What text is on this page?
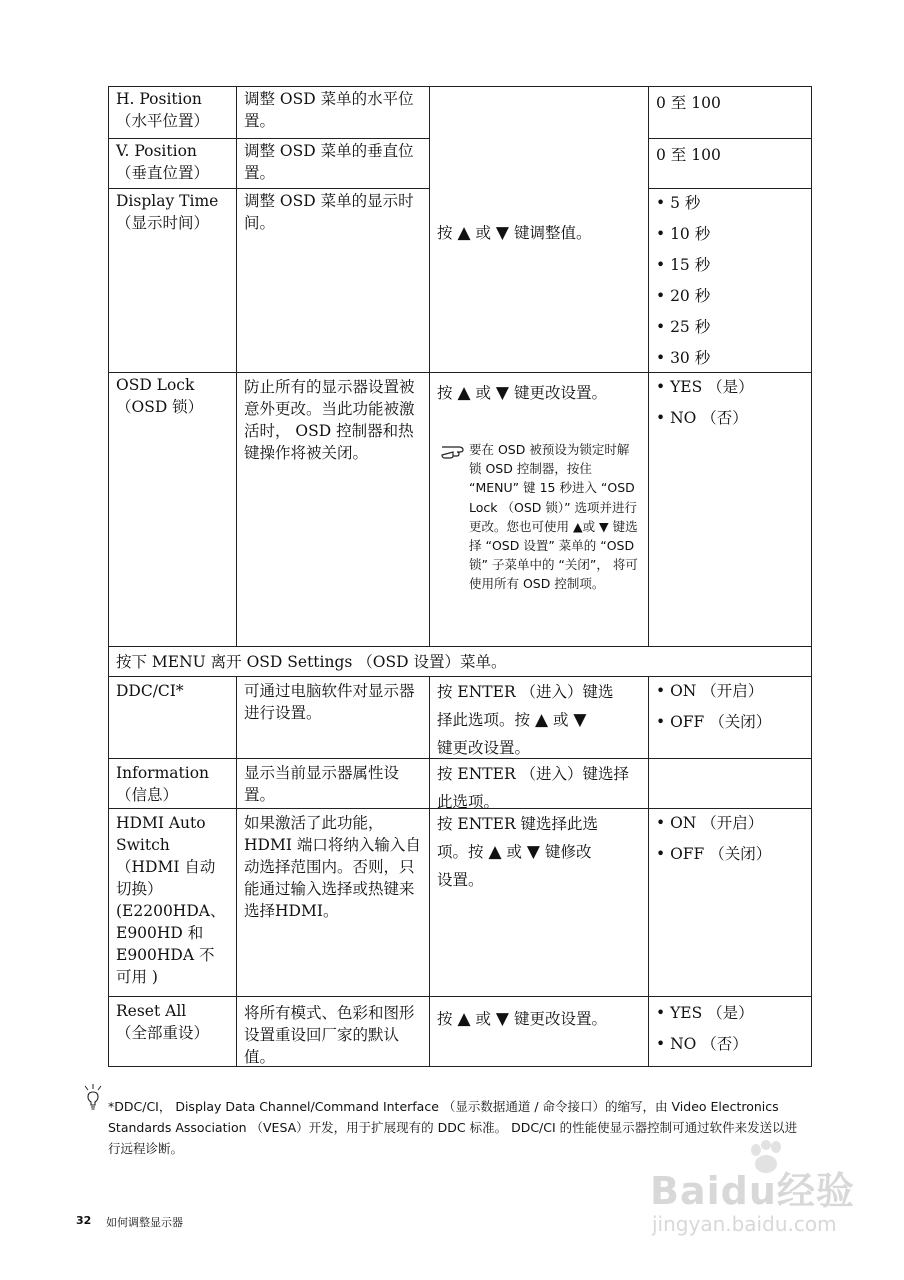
H. Position
（水平位置）
调整 OSD 菜单的水平位置。
0 至 100
V. Position
（垂直位置）
调整 OSD 菜单的垂直位置。
0 至 100
Display Time
（显示时间）
调整 OSD 菜单的显示时间。
• 5 秒
• 10 秒
• 15 秒
• 20 秒
• 25 秒
• 30 秒
按 ▲ 或 ▼ 键调整值。
OSD Lock
（OSD 锁）
防止所有的显示器设置被意外更改。当此功能被激活时， OSD 控制器和热键操作将被关闭。
按 ▲ 或 ▼ 键更改设置。
要在 OSD 被预设为锁定时解锁 OSD 控制器，按住 “MENU” 键 15 秒进入 “OSD Lock （OSD 锁）” 选项并进行更改。您也可使用 ▲或 ▼ 键选择 “OSD 设置” 菜单的 “OSD 锁” 子菜单中的 “关闭”， 将可使用所有 OSD 控制项。
• YES （是）
• NO （否）
按下 MENU 离开 OSD Settings （OSD 设置）菜单。
DDC/CI*	可通过电脑软件对显示器进行设置。
按 ENTER （进入）键选
择此选项。按 ▲ 或 ▼
键更改设置。
• ON （开启）
• OFF （关闭）
Information
（信息）
显示当前显示器属性设置。
按 ENTER （进入）键选择此选项。
HDMI Auto
Switch
（HDMI 自动
切换）
(E2200HDA、
E900HD 和
E900HDA 不
可用 )
如果激活了此功能，HDMI 端口将纳入输入自动选择范围内。否则，只能通过输入选择或热键来选择HDMI。
按 ENTER 键选择此选
项。按 ▲ 或 ▼ 键修改
设置。
• ON （开启）
• OFF （关闭）
Reset All
（全部重设）
将所有模式、色彩和图形设置重设回厂家的默认值。
按 ▲ 或 ▼ 键更改设置。	• YES （是）
• NO （否）
*DDC/CI， Display Data Channel/Command Interface （显示数据通道 / 命令接口）的缩写，由 Video Electronics Standards Association （VESA）开发，用于扩展现有的 DDC 标准。 DDC/CI 的性能使显示器控制可通过软件来发送以进行远程诊断。
32 如何调整显示器
Baidu经验
jingyan.baidu.com
